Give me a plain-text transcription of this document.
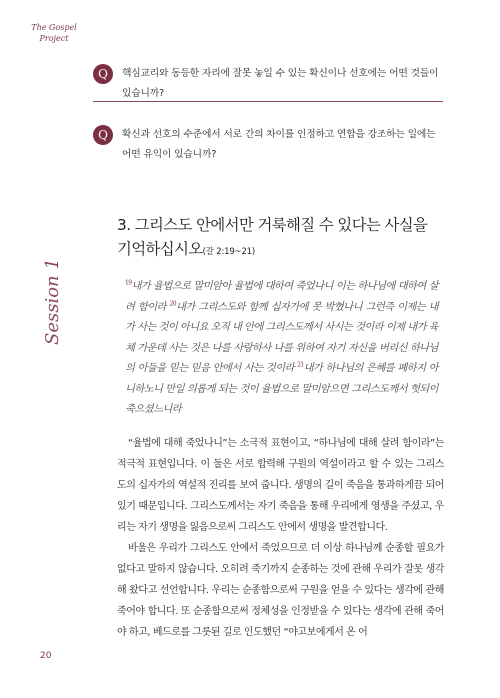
The Gospel
Project
Session 1
Q	핵심교리와 동등한 자리에 잘못 놓일 수 있는 확신이나 선호에는 어떤 것들이 있습니까?
Q	확신과 선호의 수준에서 서로 간의 차이를 인정하고 연합을 강조하는 일에는 어떤 유익이 있습니까?
3. 그리스도 안에서만 거룩해질 수 있다는 사실을 기억하십시오(갈 2:19~21)
$^{19}$내가 율법으로 말미암아 율법에 대하여 죽었나니 이는 하나님에 대하여 살려 함이라 $^{20}$내가 그리스도와 함께 십자가에 못 박혔나니 그런즉 이제는 내가 사는 것이 아니요 오직 내 안에 그리스도께서 사시는 것이라 이제 내가 육체 가운데 사는 것은 나를 사랑하사 나를 위하여 자기 자신을 버리신 하나님의 아들을 믿는 믿음 안에서 사는 것이라 $^{21}$내가 하나님의 은혜를 폐하지 아니하노니 만일 의롭게 되는 것이 율법으로 말미암으면 그리스도께서 헛되이 죽으셨느니라

“율법에 대해 죽었나니”는 소극적 표현이고, “하나님에 대해 살려 함이라”는 적극적 표현입니다. 이 둘은 서로 합력해 구원의 역설이라고 할 수 있는 그리스도의 십자가의 역설적 진리를 보여 줍니다. 생명의 길이 죽음을 통과하게끔 되어 있기 때문입니다. 그리스도께서는 자기 죽음을 통해 우리에게 영생을 주셨고, 우리는 자기 생명을 잃음으로써 그리스도 안에서 생명을 발견합니다.

바울은 우리가 그리스도 안에서 죽었으므로 더 이상 하나님께 순종할 필요가 없다고 말하지 않습니다. 오히려 죽기까지 순종하는 것에 관해 우리가 잘못 생각해 왔다고 선언합니다. 우리는 순종함으로써 구원을 얻을 수 있다는 생각에 관해 죽어야 합니다. 또 순종함으로써 정체성을 인정받을 수 있다는 생각에 관해 죽어야 하고, 베드로를 그릇된 길로 인도했던 “야고보에게서 온 어

20
